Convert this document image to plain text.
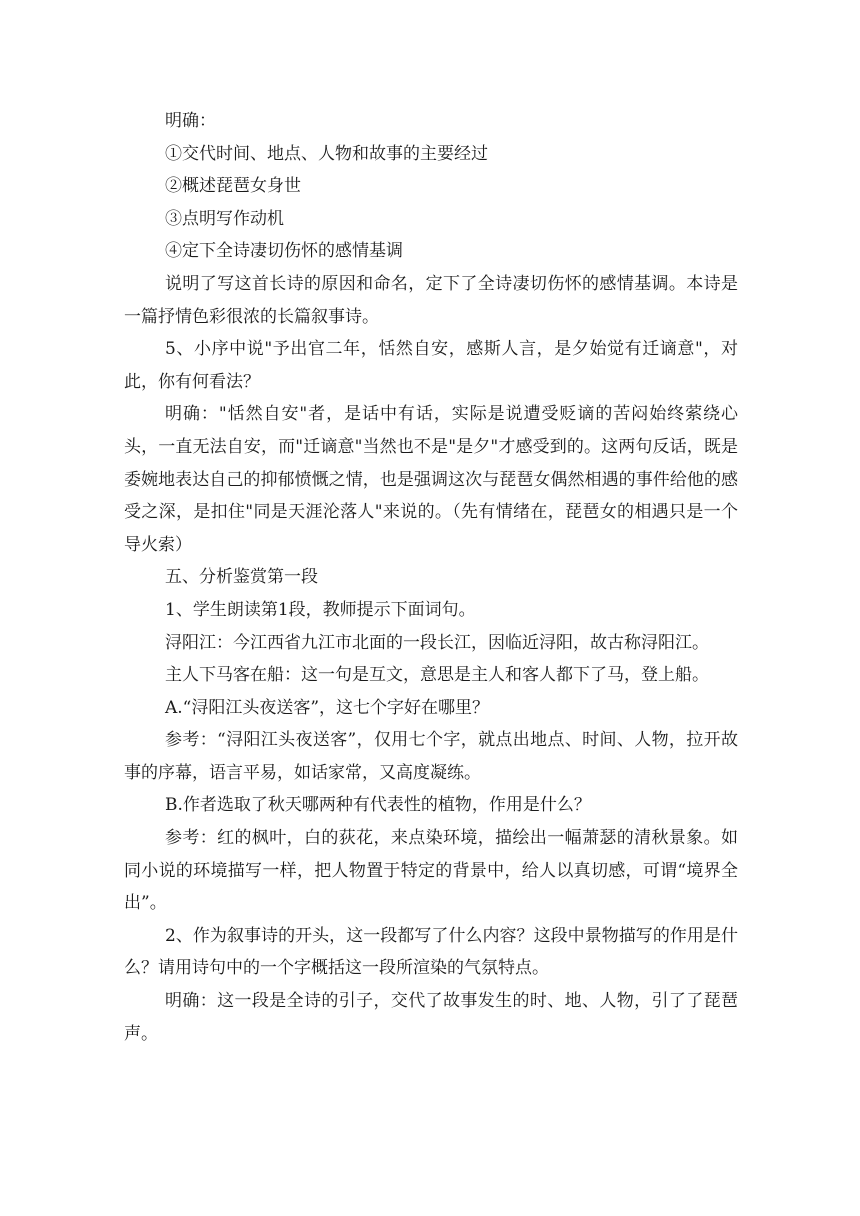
明确：

①交代时间、地点、人物和故事的主要经过

②概述琵琶女身世

③点明写作动机

④定下全诗凄切伤怀的感情基调

说明了写这首长诗的原因和命名，定下了全诗凄切伤怀的感情基调。本诗是一篇抒情色彩很浓的长篇叙事诗。

5、小序中说"予出官二年，恬然自安，感斯人言，是夕始觉有迁谪意"，对此，你有何看法？

明确："恬然自安"者，是话中有话，实际是说遭受贬谪的苦闷始终萦绕心头，一直无法自安，而"迁谪意"当然也不是"是夕"才感受到的。这两句反话，既是委婉地表达自己的抑郁愤慨之情，也是强调这次与琵琶女偶然相遇的事件给他的感受之深，是扣住"同是天涯沦落人"来说的。（先有情绪在，琵琶女的相遇只是一个导火索）

五、分析鉴赏第一段

1、学生朗读第1段，教师提示下面词句。

浔阳江：今江西省九江市北面的一段长江，因临近浔阳，故古称浔阳江。

主人下马客在船：这一句是互文，意思是主人和客人都下了马，登上船。

A.“浔阳江头夜送客”，这七个字好在哪里？

参考：“浔阳江头夜送客”，仅用七个字，就点出地点、时间、人物，拉开故事的序幕，语言平易，如话家常，又高度凝练。

B.作者选取了秋天哪两种有代表性的植物，作用是什么？

参考：红的枫叶，白的荻花，来点染环境，描绘出一幅萧瑟的清秋景象。如同小说的环境描写一样，把人物置于特定的背景中，给人以真切感，可谓“境界全出”。

2、作为叙事诗的开头，这一段都写了什么内容？这段中景物描写的作用是什么？请用诗句中的一个字概括这一段所渲染的气氛特点。

明确：这一段是全诗的引子，交代了故事发生的时、地、人物，引了了琵琶声。
